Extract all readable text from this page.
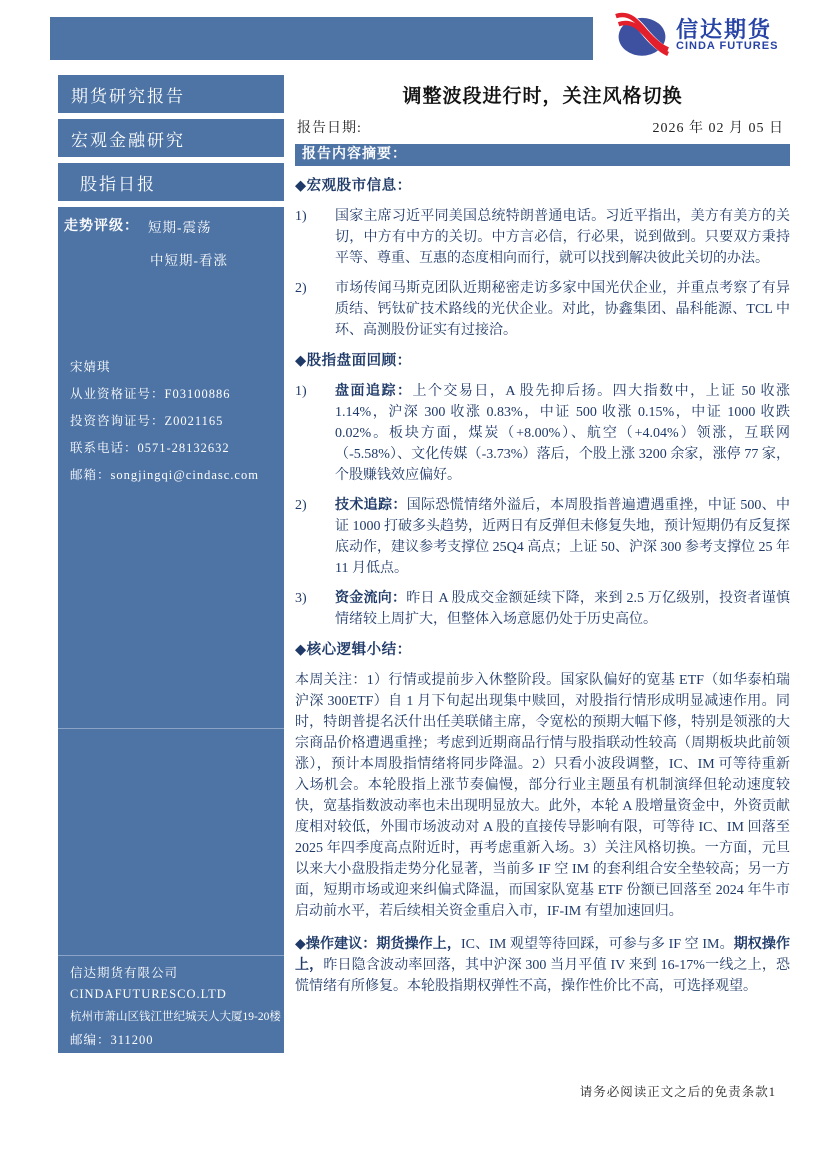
信达期货
CINDA FUTURES
期货研究报告
宏观金融研究
股指日报
走势评级： 短期-震荡
中短期-看涨
宋婧琪
从业资格证号：F03100886
投资咨询证号：Z0021165
联系电话：0571-28132632
邮箱：songjingqi@cindasc.com
信达期货有限公司
CINDAFUTURESCO.LTD
杭州市萧山区钱江世纪城天人大厦19-20楼
邮编：311200
调整波段进行时，关注风格切换
报告日期:	2026 年 02 月 05 日
报告内容摘要：
◆宏观股市信息：
1)	国家主席习近平同美国总统特朗普通电话。习近平指出，美方有美方的关切，中方有中方的关切。中方言必信，行必果，说到做到。只要双方秉持平等、尊重、互惠的态度相向而行，就可以找到解决彼此关切的办法。
2)	市场传闻马斯克团队近期秘密走访多家中国光伏企业，并重点考察了有异质结、钙钛矿技术路线的光伏企业。对此，协鑫集团、晶科能源、TCL 中环、高测股份证实有过接洽。
◆股指盘面回顾：
1)	盘面追踪：上个交易日，A 股先抑后扬。四大指数中，上证 50 收涨 1.14%，沪深 300 收涨 0.83%，中证 500 收涨 0.15%，中证 1000 收跌 0.02%。板块方面，煤炭（+8.00%）、航空（+4.04%）领涨，互联网（-5.58%）、文化传媒（-3.73%）落后，个股上涨 3200 余家，涨停 77 家，个股赚钱效应偏好。
2)	技术追踪：国际恐慌情绪外溢后，本周股指普遍遭遇重挫，中证 500、中证 1000 打破多头趋势，近两日有反弹但未修复失地，预计短期仍有反复探底动作，建议参考支撑位 25Q4 高点；上证 50、沪深 300 参考支撑位 25 年 11 月低点。
3)	资金流向：昨日 A 股成交金额延续下降，来到 2.5 万亿级别，投资者谨慎情绪较上周扩大，但整体入场意愿仍处于历史高位。
◆核心逻辑小结：
本周关注：1）行情或提前步入休整阶段。国家队偏好的宽基 ETF（如华泰柏瑞沪深 300ETF）自 1 月下旬起出现集中赎回，对股指行情形成明显减速作用。同时，特朗普提名沃什出任美联储主席，令宽松的预期大幅下修，特别是领涨的大宗商品价格遭遇重挫；考虑到近期商品行情与股指联动性较高（周期板块此前领涨），预计本周股指情绪将同步降温。2）只看小波段调整，IC、IM 可等待重新入场机会。本轮股指上涨节奏偏慢，部分行业主题虽有机制演绎但轮动速度较快，宽基指数波动率也未出现明显放大。此外，本轮 A 股增量资金中，外资贡献度相对较低，外围市场波动对 A 股的直接传导影响有限，可等待 IC、IM 回落至 2025 年四季度高点附近时，再考虑重新入场。3）关注风格切换。一方面，元旦以来大小盘股指走势分化显著，当前多 IF 空 IM 的套利组合安全垫较高；另一方面，短期市场或迎来纠偏式降温，而国家队宽基 ETF 份额已回落至 2024 年牛市启动前水平，若后续相关资金重启入市，IF-IM 有望加速回归。
◆操作建议：期货操作上，IC、IM 观望等待回踩，可参与多 IF 空 IM。期权操作上，昨日隐含波动率回落，其中沪深 300 当月平值 IV 来到 16-17%一线之上，恐慌情绪有所修复。本轮股指期权弹性不高，操作性价比不高，可选择观望。
请务必阅读正文之后的免责条款1
